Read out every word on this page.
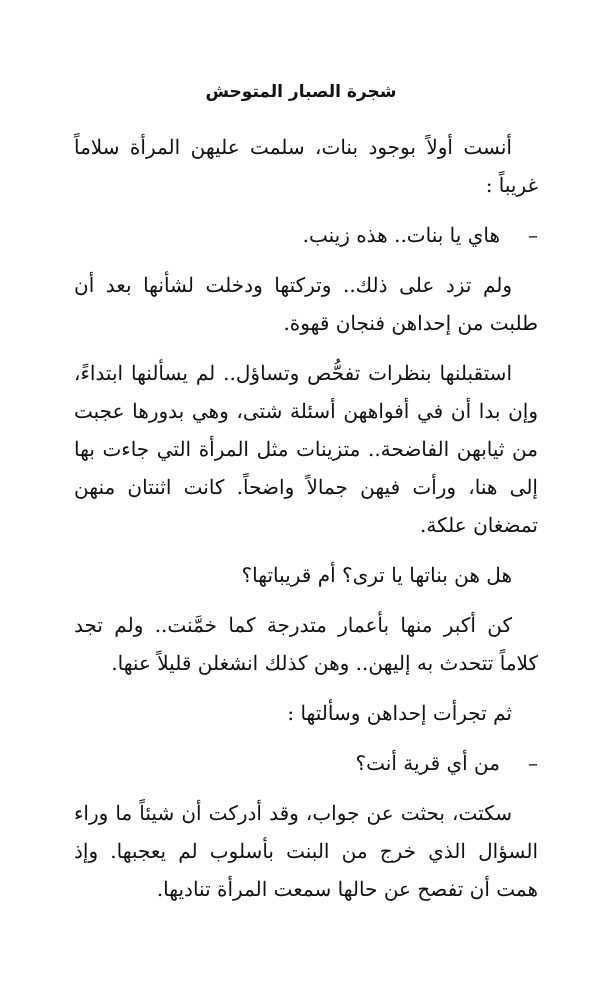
شجرة الصبار المتوحش

أنست أولاً بوجود بنات، سلمت عليهن المرأة سلاماً غريباً :

–هاي يا بنات.. هذه زينب.

ولم تزد على ذلك.. وتركتها ودخلت لشأنها بعد أن طلبت من إحداهن فنجان قهوة.

استقبلنها بنظرات تفحُّص وتساؤل.. لم يسألنها ابتداءً، وإن بدا أن في أفواههن أسئلة شتى، وهي بدورها عجبت من ثيابهن الفاضحة.. متزينات مثل المرأة التي جاءت بها إلى هنا، ورأت فيهن جمالاً واضحاً. كانت اثنتان منهن تمضغان علكة.

هل هن بناتها يا ترى؟ أم قريباتها؟

كن أكبر منها بأعمار متدرجة كما خمَّنت.. ولم تجد كلاماً تتحدث به إليهن.. وهن كذلك انشغلن قليلاً عنها.

ثم تجرأت إحداهن وسألتها :

–من أي قرية أنت؟

سكتت، بحثت عن جواب، وقد أدركت أن شيئاً ما وراء السؤال الذي خرج من البنت بأسلوب لم يعجبها. وإذ همت أن تفصح عن حالها سمعت المرأة تناديها.
